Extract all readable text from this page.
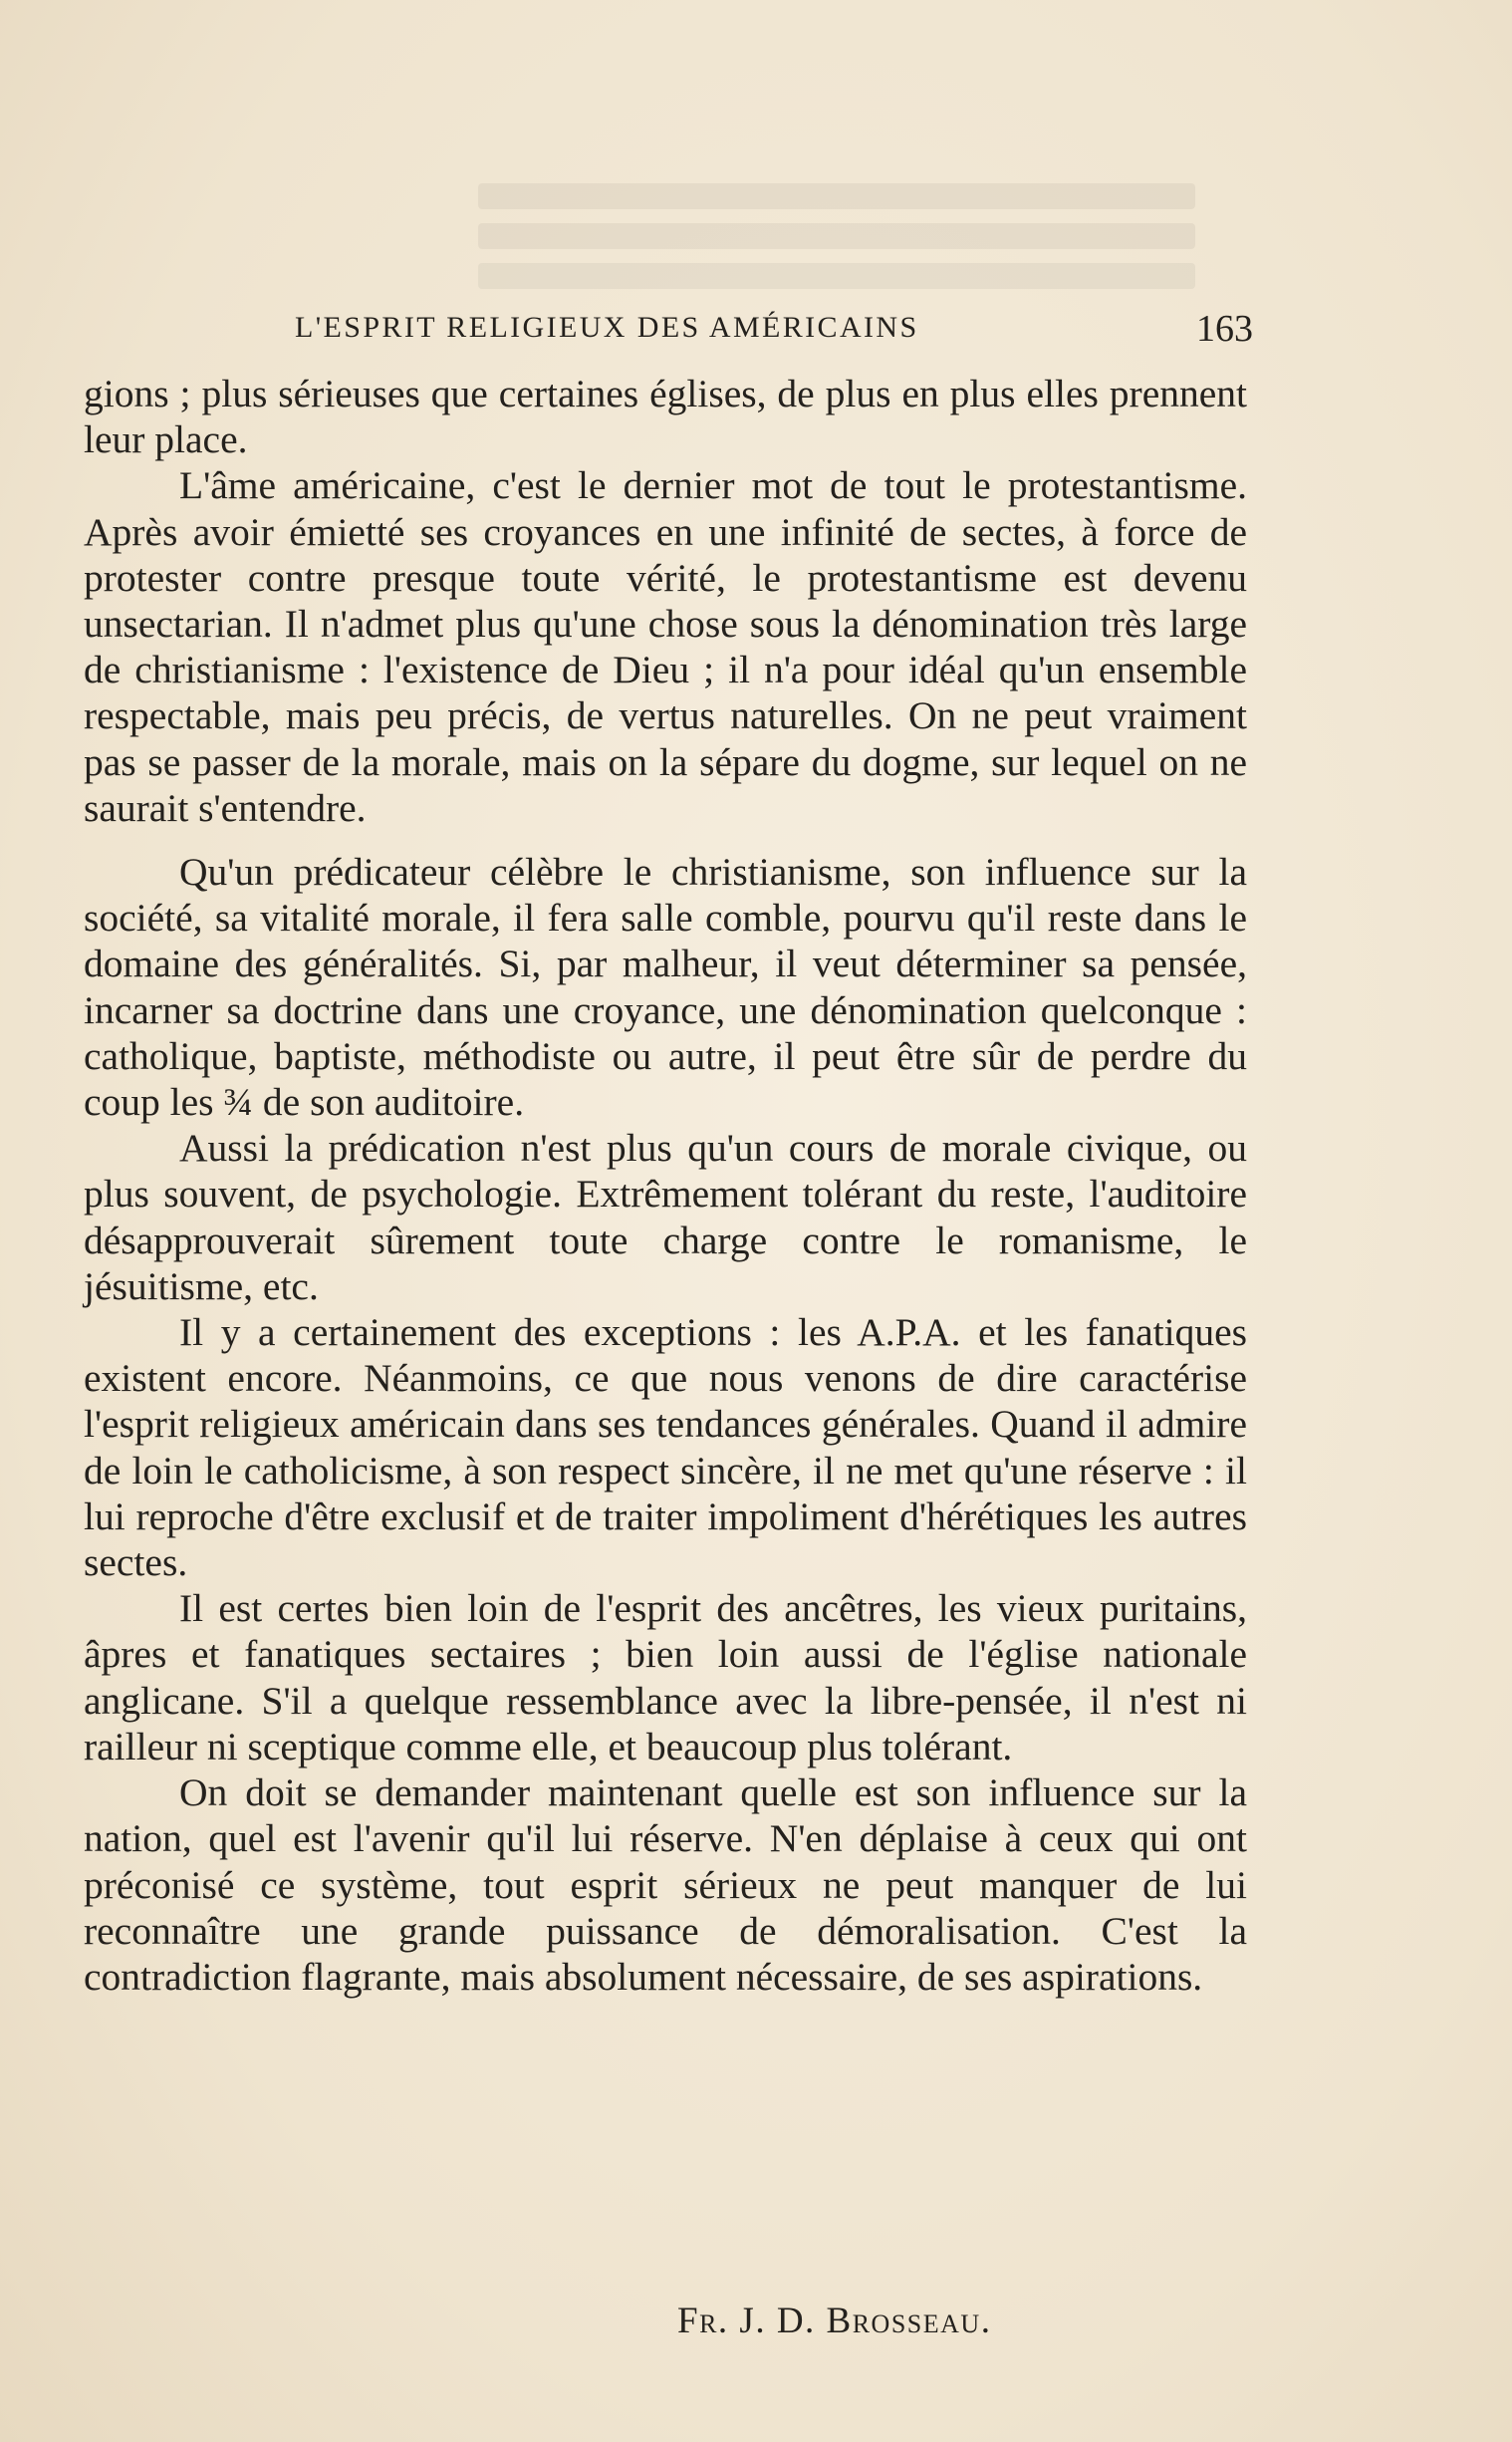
L'ESPRIT RELIGIEUX DES AMÉRICAINS	163

gions ; plus sérieuses que certaines églises, de plus en plus elles prennent leur place.

L'âme américaine, c'est le dernier mot de tout le protestantisme. Après avoir émietté ses croyances en une infinité de sectes, à force de protester contre presque toute vérité, le protestantisme est devenu unsectarian. Il n'admet plus qu'une chose sous la dénomination très large de christianisme : l'existence de Dieu ; il n'a pour idéal qu'un ensemble respectable, mais peu précis, de vertus naturelles. On ne peut vraiment pas se passer de la morale, mais on la sépare du dogme, sur lequel on ne saurait s'entendre.

Qu'un prédicateur célèbre le christianisme, son influence sur la société, sa vitalité morale, il fera salle comble, pourvu qu'il reste dans le domaine des généralités. Si, par malheur, il veut déterminer sa pensée, incarner sa doctrine dans une croyance, une dénomination quelconque : catholique, baptiste, méthodiste ou autre, il peut être sûr de perdre du coup les ¾ de son auditoire.

Aussi la prédication n'est plus qu'un cours de morale civique, ou plus souvent, de psychologie. Extrêmement tolérant du reste, l'auditoire désapprouverait sûrement toute charge contre le romanisme, le jésuitisme, etc.

Il y a certainement des exceptions : les A.P.A. et les fanatiques existent encore. Néanmoins, ce que nous venons de dire caractérise l'esprit religieux américain dans ses tendances générales. Quand il admire de loin le catholicisme, à son respect sincère, il ne met qu'une réserve : il lui reproche d'être exclusif et de traiter impoliment d'hérétiques les autres sectes.

Il est certes bien loin de l'esprit des ancêtres, les vieux puritains, âpres et fanatiques sectaires ; bien loin aussi de l'église nationale anglicane. S'il a quelque ressemblance avec la libre-pensée, il n'est ni railleur ni sceptique comme elle, et beaucoup plus tolérant.

On doit se demander maintenant quelle est son influence sur la nation, quel est l'avenir qu'il lui réserve. N'en déplaise à ceux qui ont préconisé ce système, tout esprit sérieux ne peut manquer de lui reconnaître une grande puissance de démoralisation. C'est la contradiction flagrante, mais absolument nécessaire, de ses aspirations.

Fr. J. D. Brosseau.
